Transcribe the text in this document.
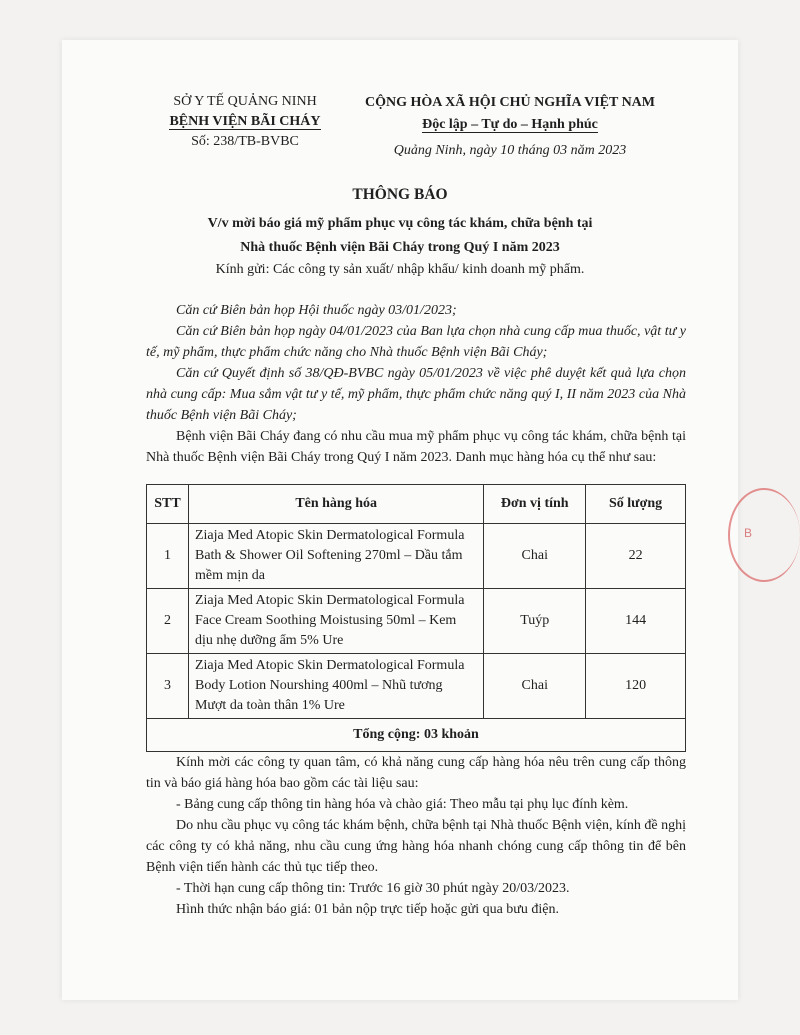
SỞ Y TẾ QUẢNG NINH
BỆNH VIỆN BÃI CHÁY
Số: 238/TB-BVBC
CỘNG HÒA XÃ HỘI CHỦ NGHĨA VIỆT NAM
Độc lập – Tự do – Hạnh phúc
Quảng Ninh, ngày 10 tháng 03 năm 2023
THÔNG BÁO
V/v mời báo giá mỹ phẩm phục vụ công tác khám, chữa bệnh tại
Nhà thuốc Bệnh viện Bãi Cháy trong Quý I năm 2023
Kính gửi: Các công ty sản xuất/ nhập khẩu/ kinh doanh mỹ phẩm.

Căn cứ Biên bản họp Hội thuốc ngày 03/01/2023;

Căn cứ Biên bản họp ngày 04/01/2023 của Ban lựa chọn nhà cung cấp mua thuốc, vật tư y tế, mỹ phẩm, thực phẩm chức năng cho Nhà thuốc Bệnh viện Bãi Cháy;

Căn cứ Quyết định số 38/QĐ-BVBC ngày 05/01/2023 về việc phê duyệt kết quả lựa chọn nhà cung cấp: Mua sắm vật tư y tế, mỹ phẩm, thực phẩm chức năng quý I, II năm 2023 của Nhà thuốc Bệnh viện Bãi Cháy;

Bệnh viện Bãi Cháy đang có nhu cầu mua mỹ phẩm phục vụ công tác khám, chữa bệnh tại Nhà thuốc Bệnh viện Bãi Cháy trong Quý I năm 2023. Danh mục hàng hóa cụ thể như sau:

STT	Tên hàng hóa	Đơn vị tính	Số lượng
1	Ziaja Med Atopic Skin Dermatological Formula Bath & Shower Oil Softening 270ml – Dầu tắm mềm mịn da	Chai	22
2	Ziaja Med Atopic Skin Dermatological Formula Face Cream Soothing Moistusing 50ml – Kem dịu nhẹ dưỡng ẩm 5% Ure	Tuýp	144
3	Ziaja Med Atopic Skin Dermatological Formula Body Lotion Nourshing 400ml – Nhũ tương Mượt da toàn thân 1% Ure	Chai	120
Tổng cộng: 03 khoản			

Kính mời các công ty quan tâm, có khả năng cung cấp hàng hóa nêu trên cung cấp thông tin và báo giá hàng hóa bao gồm các tài liệu sau:

- Bảng cung cấp thông tin hàng hóa và chào giá: Theo mẫu tại phụ lục đính kèm.

Do nhu cầu phục vụ công tác khám bệnh, chữa bệnh tại Nhà thuốc Bệnh viện, kính đề nghị các công ty có khả năng, nhu cầu cung ứng hàng hóa nhanh chóng cung cấp thông tin để bên Bệnh viện tiến hành các thủ tục tiếp theo.

- Thời hạn cung cấp thông tin: Trước 16 giờ 30 phút ngày 20/03/2023.

Hình thức nhận báo giá: 01 bản nộp trực tiếp hoặc gửi qua bưu điện.

B
